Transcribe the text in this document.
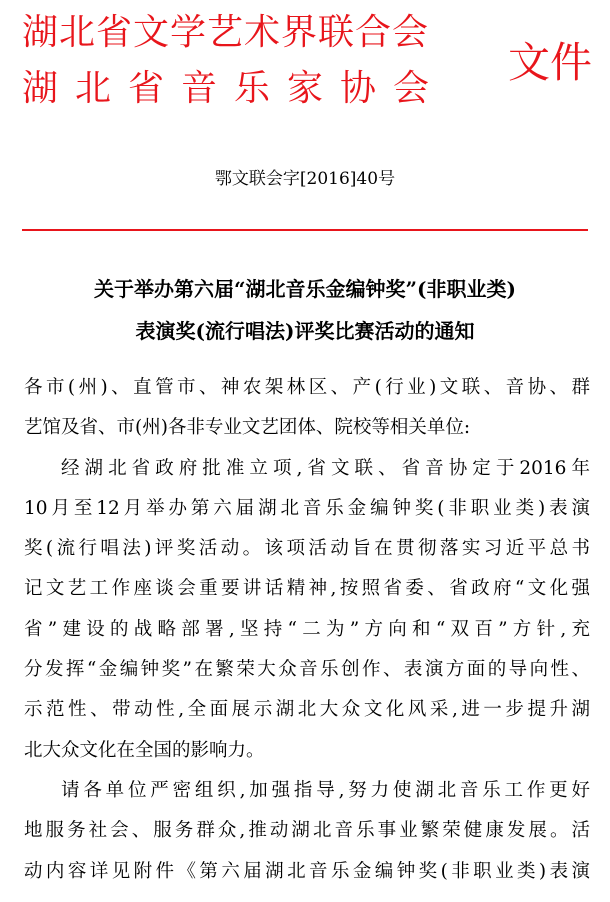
湖北省文学艺术界联合会
湖北省音乐家协会
文件
鄂文联会字[2016]40号
关于举办第六届“湖北音乐金编钟奖”(非职业类)
表演奖(流行唱法)评奖比赛活动的通知
各市(州)、直管市、神农架林区、产(行业)文联、音协、群
艺馆及省、市(州)各非专业文艺团体、院校等相关单位:
经湖北省政府批准立项,省文联、省音协定于2016年
10月至12月举办第六届湖北音乐金编钟奖(非职业类)表演
奖(流行唱法)评奖活动。该项活动旨在贯彻落实习近平总书
记文艺工作座谈会重要讲话精神,按照省委、省政府“文化强
省”建设的战略部署,坚持“二为”方向和“双百”方针,充
分发挥“金编钟奖”在繁荣大众音乐创作、表演方面的导向性、
示范性、带动性,全面展示湖北大众文化风采,进一步提升湖
北大众文化在全国的影响力。
请各单位严密组织,加强指导,努力使湖北音乐工作更好
地服务社会、服务群众,推动湖北音乐事业繁荣健康发展。活
动内容详见附件《第六届湖北音乐金编钟奖(非职业类)表演
